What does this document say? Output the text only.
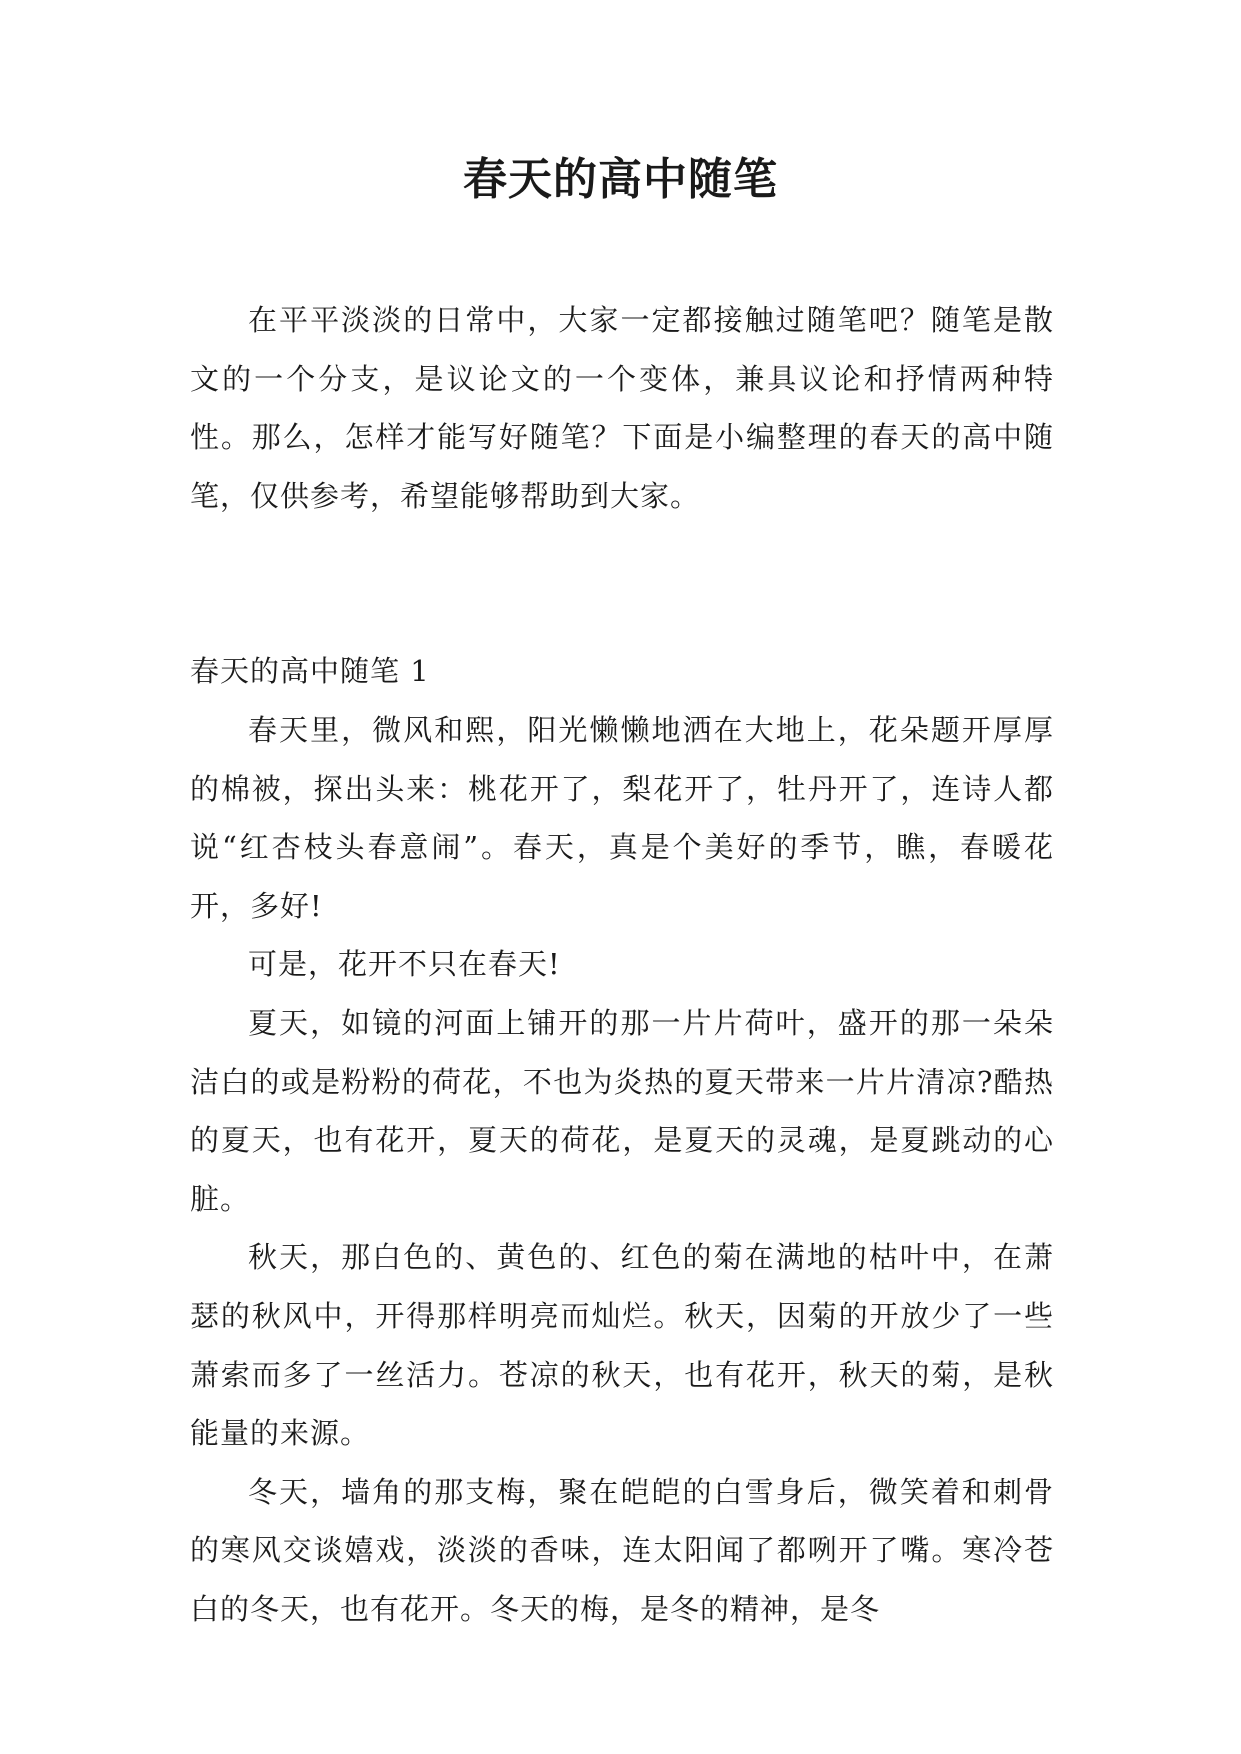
春天的高中随笔

在平平淡淡的日常中，大家一定都接触过随笔吧？随笔是散文的一个分支，是议论文的一个变体，兼具议论和抒情两种特性。那么，怎样才能写好随笔？下面是小编整理的春天的高中随笔，仅供参考，希望能够帮助到大家。

春天的高中随笔 1

春天里，微风和熙，阳光懒懒地洒在大地上，花朵题开厚厚的棉被，探出头来：桃花开了，梨花开了，牡丹开了，连诗人都说“红杏枝头春意闹”。春天，真是个美好的季节，瞧，春暖花开，多好!

可是，花开不只在春天!

夏天，如镜的河面上铺开的那一片片荷叶，盛开的那一朵朵洁白的或是粉粉的荷花，不也为炎热的夏天带来一片片清凉?酷热的夏天，也有花开，夏天的荷花，是夏天的灵魂，是夏跳动的心脏。

秋天，那白色的、黄色的、红色的菊在满地的枯叶中，在萧瑟的秋风中，开得那样明亮而灿烂。秋天，因菊的开放少了一些萧索而多了一丝活力。苍凉的秋天，也有花开，秋天的菊，是秋能量的来源。

冬天，墙角的那支梅，聚在皑皑的白雪身后，微笑着和刺骨的寒风交谈嬉戏，淡淡的香味，连太阳闻了都咧开了嘴。寒冷苍白的冬天，也有花开。冬天的梅，是冬的精神，是冬
